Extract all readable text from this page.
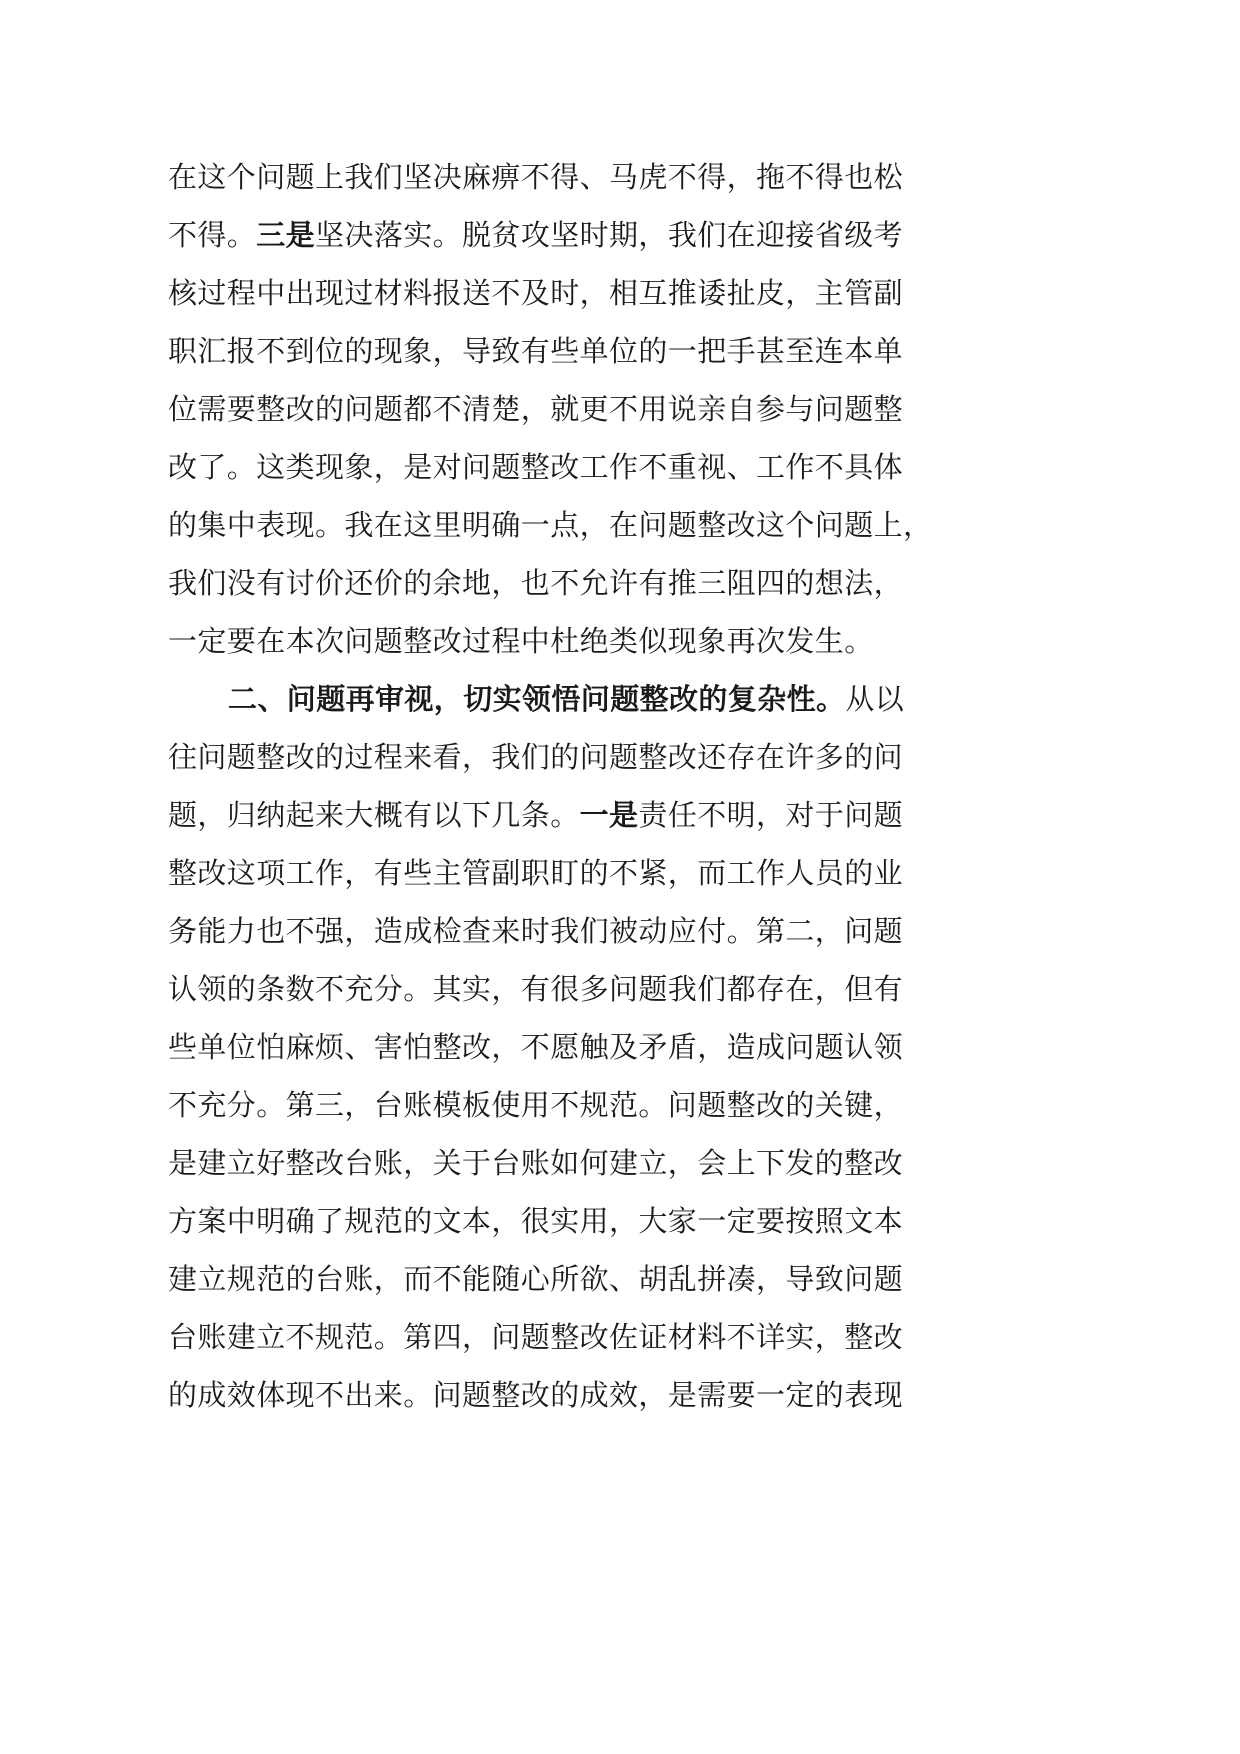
在这个问题上我们坚决麻痹不得、马虎不得，拖不得也松
不得。三是坚决落实。脱贫攻坚时期，我们在迎接省级考
核过程中出现过材料报送不及时，相互推诿扯皮，主管副
职汇报不到位的现象，导致有些单位的一把手甚至连本单
位需要整改的问题都不清楚，就更不用说亲自参与问题整
改了。这类现象，是对问题整改工作不重视、工作不具体
的集中表现。我在这里明确一点，在问题整改这个问题上，
我们没有讨价还价的余地，也不允许有推三阻四的想法，
一定要在本次问题整改过程中杜绝类似现象再次发生。
二、问题再审视，切实领悟问题整改的复杂性。从以
往问题整改的过程来看，我们的问题整改还存在许多的问
题，归纳起来大概有以下几条。一是责任不明，对于问题
整改这项工作，有些主管副职盯的不紧，而工作人员的业
务能力也不强，造成检查来时我们被动应付。第二，问题
认领的条数不充分。其实，有很多问题我们都存在，但有
些单位怕麻烦、害怕整改，不愿触及矛盾，造成问题认领
不充分。第三，台账模板使用不规范。问题整改的关键，
是建立好整改台账，关于台账如何建立，会上下发的整改
方案中明确了规范的文本，很实用，大家一定要按照文本
建立规范的台账，而不能随心所欲、胡乱拼凑，导致问题
台账建立不规范。第四，问题整改佐证材料不详实，整改
的成效体现不出来。问题整改的成效，是需要一定的表现
